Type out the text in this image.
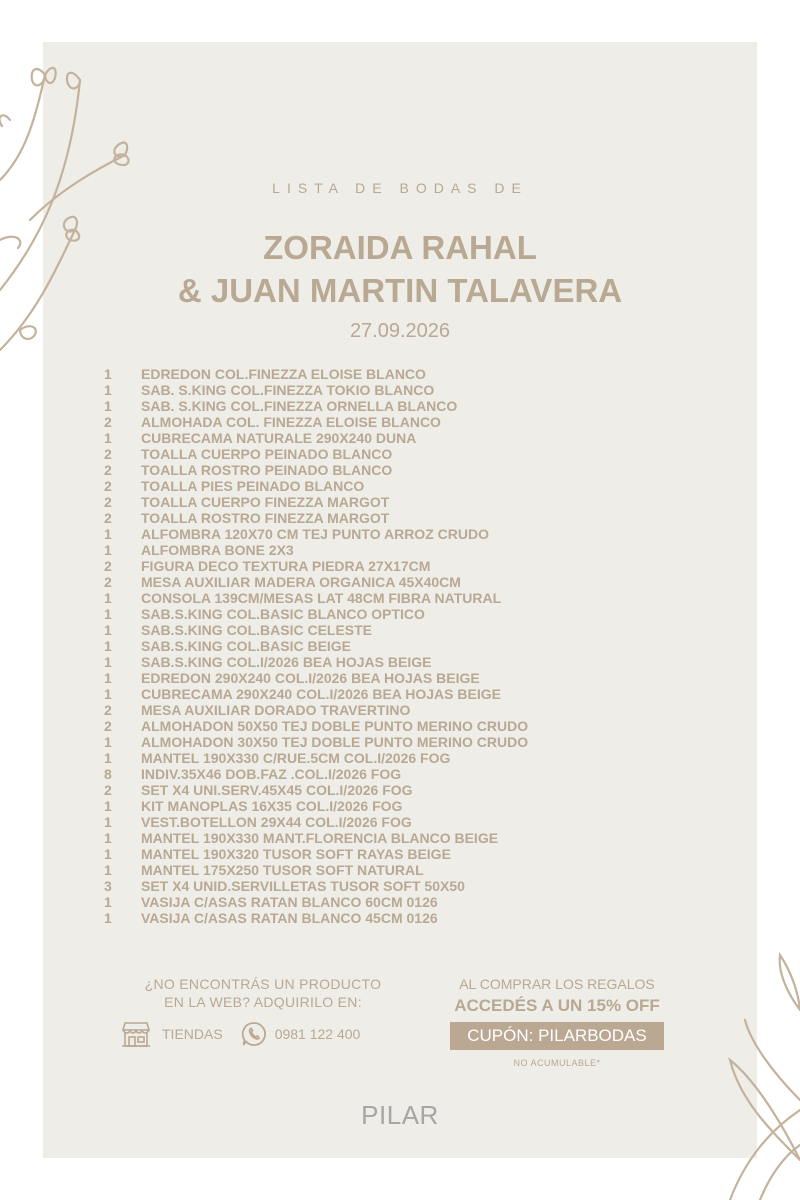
LISTA DE BODAS DE
ZORAIDA RAHAL
& JUAN MARTIN TALAVERA
27.09.2026
1	EDREDON COL.FINEZZA ELOISE BLANCO
1	SAB. S.KING COL.FINEZZA TOKIO BLANCO
1	SAB. S.KING COL.FINEZZA ORNELLA BLANCO
2	ALMOHADA COL. FINEZZA ELOISE BLANCO
1	CUBRECAMA NATURALE 290X240 DUNA
2	TOALLA CUERPO PEINADO BLANCO
2	TOALLA ROSTRO PEINADO BLANCO
2	TOALLA PIES PEINADO BLANCO
2	TOALLA CUERPO FINEZZA MARGOT
2	TOALLA ROSTRO FINEZZA MARGOT
1	ALFOMBRA 120X70 CM TEJ PUNTO ARROZ CRUDO
1	ALFOMBRA BONE 2X3
2	FIGURA DECO TEXTURA PIEDRA 27X17CM
2	MESA AUXILIAR MADERA ORGANICA 45X40CM
1	CONSOLA 139CM/MESAS LAT 48CM FIBRA NATURAL
1	SAB.S.KING COL.BASIC BLANCO OPTICO
1	SAB.S.KING COL.BASIC CELESTE
1	SAB.S.KING COL.BASIC BEIGE
1	SAB.S.KING COL.I/2026 BEA HOJAS BEIGE
1	EDREDON 290X240 COL.I/2026 BEA HOJAS BEIGE
1	CUBRECAMA 290X240 COL.I/2026 BEA HOJAS BEIGE
2	MESA AUXILIAR DORADO TRAVERTINO
2	ALMOHADON 50X50 TEJ DOBLE PUNTO MERINO CRUDO
1	ALMOHADON 30X50 TEJ DOBLE PUNTO MERINO CRUDO
1	MANTEL 190X330 C/RUE.5CM COL.I/2026 FOG
8	INDIV.35X46 DOB.FAZ .COL.I/2026 FOG
2	SET X4 UNI.SERV.45X45 COL.I/2026 FOG
1	KIT MANOPLAS 16X35 COL.I/2026 FOG
1	VEST.BOTELLON 29X44 COL.I/2026 FOG
1	MANTEL 190X330 MANT.FLORENCIA BLANCO BEIGE
1	MANTEL 190X320 TUSOR SOFT RAYAS BEIGE
1	MANTEL 175X250 TUSOR SOFT NATURAL
3	SET X4 UNID.SERVILLETAS TUSOR SOFT 50X50
1	VASIJA C/ASAS RATAN BLANCO 60CM 0126
1	VASIJA C/ASAS RATAN BLANCO 45CM 0126
¿NO ENCONTRÁS UN PRODUCTO
EN LA WEB? ADQUIRILO EN:
TIENDAS	0981 122 400
AL COMPRAR LOS REGALOS
ACCEDÉS A UN 15% OFF
CUPÓN: PILARBODAS
NO ACUMULABLE*
PILAR
